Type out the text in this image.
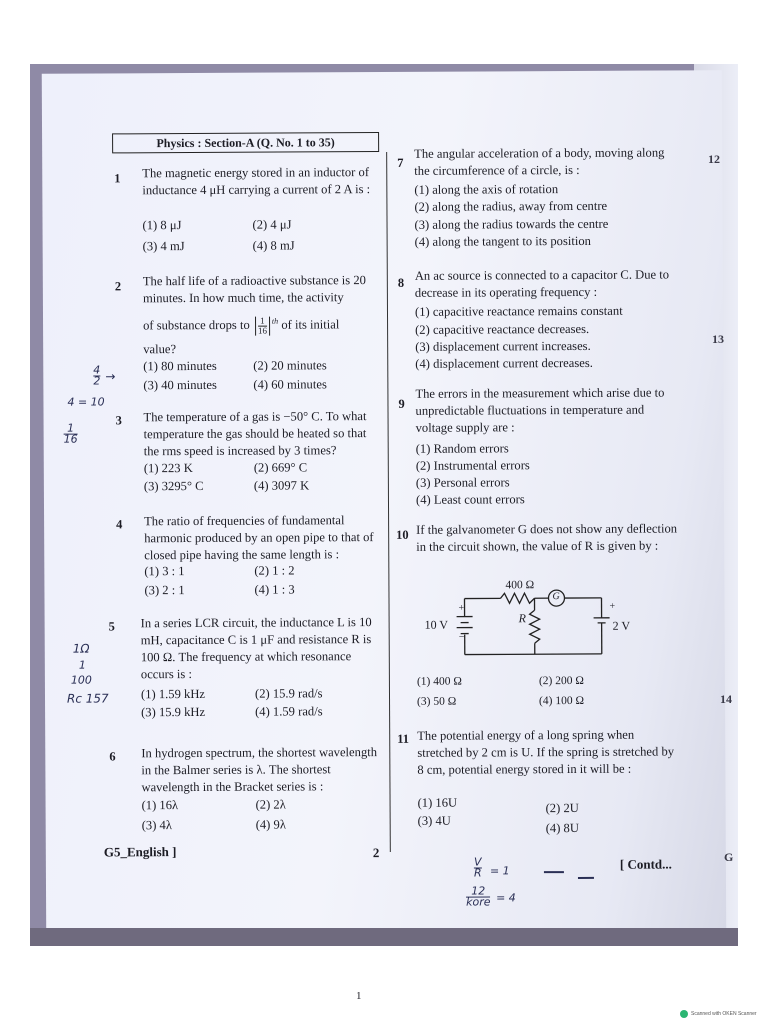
Physics : Section-A (Q. No. 1 to 35)
1 The magnetic energy stored in an inductor of inductance 4 μH carrying a current of 2 A is :
(1) 8 μJ	(2) 4 μJ
(3) 4 mJ	(4) 8 mJ
2 The half life of a radioactive substance is 20 minutes. In how much time, the activity
of substance drops to $\frac{1}{16} ^{th}$ of its initial
value?
(1) 80 minutes	(2) 20 minutes
(3) 40 minutes	(4) 60 minutes
3 The temperature of a gas is −50° C. To what temperature the gas should be heated so that the rms speed is increased by 3 times?
(1) 223 K	(2) 669° C
(3) 3295° C	(4) 3097 K
4 The ratio of frequencies of fundamental harmonic produced by an open pipe to that of closed pipe having the same length is :
(1) 3 : 1	(2) 1 : 2
(3) 2 : 1	(4) 1 : 3
5 In a series LCR circuit, the inductance L is 10 mH, capacitance C is 1 μF and resistance R is 100 Ω. The frequency at which resonance occurs is :
(1) 1.59 kHz	(2) 15.9 rad/s
(3) 15.9 kHz	(4) 1.59 rad/s
6 In hydrogen spectrum, the shortest wavelength in the Balmer series is λ. The shortest wavelength in the Bracket series is :
(1) 16λ	(2) 2λ
(3) 4λ	(4) 9λ
G5_English ]	2
7
The angular acceleration of a body, moving along the circumference of a circle, is :
(1) along the axis of rotation
(2) along the radius, away from centre
(3) along the radius towards the centre
(4) along the tangent to its position
8
An ac source is connected to a capacitor C. Due to decrease in its operating frequency :
(1) capacitive reactance remains constant
(2) capacitive reactance decreases.
(3) displacement current increases.
(4) displacement current decreases.
9
The errors in the measurement which arise due to unpredictable fluctuations in temperature and voltage supply are :
(1) Random errors
(2) Instrumental errors
(3) Personal errors
(4) Least count errors
10 If the galvanometer G does not show any deflection in the circuit shown, the value of R is given by :
400 Ω
G
10 V
+
−
R
+
2 V
(1) 400 Ω	(2) 200 Ω
(3) 50 Ω	(4) 100 Ω
11 The potential energy of a long spring when stretched by 2 cm is U. If the spring is stretched by 8 cm, potential energy stored in it will be :
(1) 16U	(2) 2U
(3) 4U
(4) 8U
[ Contd...
4
2 →
4 = 10
1
16
1Ω
1
100
Rc 157
V
R = 1
12
kore = 4
12
13
14
G
1
Scanned with OKEN Scanner
